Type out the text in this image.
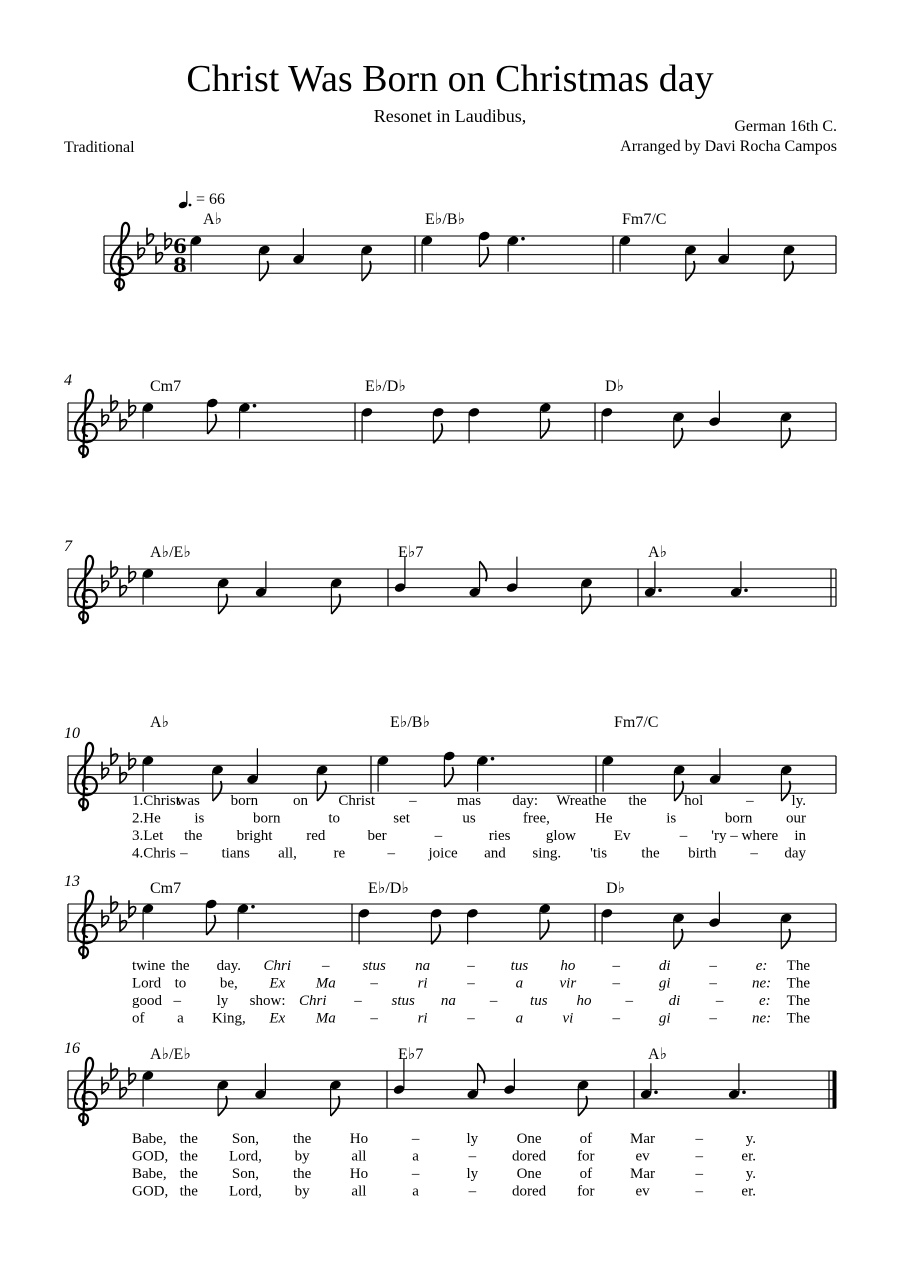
Christ Was Born on Christmas day
Resonet in Laudibus,
German 16th C.
Arranged by Davi Rocha Campos
Traditional
= 66
6
8
A♭	E♭/B♭	Fm7/C
4	Cm7	E♭/D♭	D♭
7	A♭/E♭	E♭7	A♭
10
A♭	E♭/B♭	Fm7/C
13	Cm7	E♭/D♭	D♭
16	A♭/E♭	E♭7	A♭
1.Christ
was born on Christ –	mas day: Wreathe the hol	–	ly.
2.He is	born	to	set	us	free,	He	is	born our
3.Let the bright red	ber	–	ries glow	Ev	– 'ry – where in
4.Chris – tians all, re	– joice and sing. 'tis the birth – day
twine the day. Chri – stus na – tus ho –	di	–	e: The
Lord to be, Ex Ma –	ri	–	a vir –	gi	– ne: The
good – ly show: Chri – stus na – tus ho – di – e: The
of a King, Ex Ma –	ri	–	a	vi	–	gi	– ne: The
Babe, the Son, the	Ho	–	ly	One	of	Mar	–	y.
GOD, the Lord, by	all	a	– dored for	ev	–	er.
Babe, the Son, the	Ho	–	ly	One	of	Mar	–	y.
GOD, the Lord, by	all	a	– dored for	ev	–	er.
